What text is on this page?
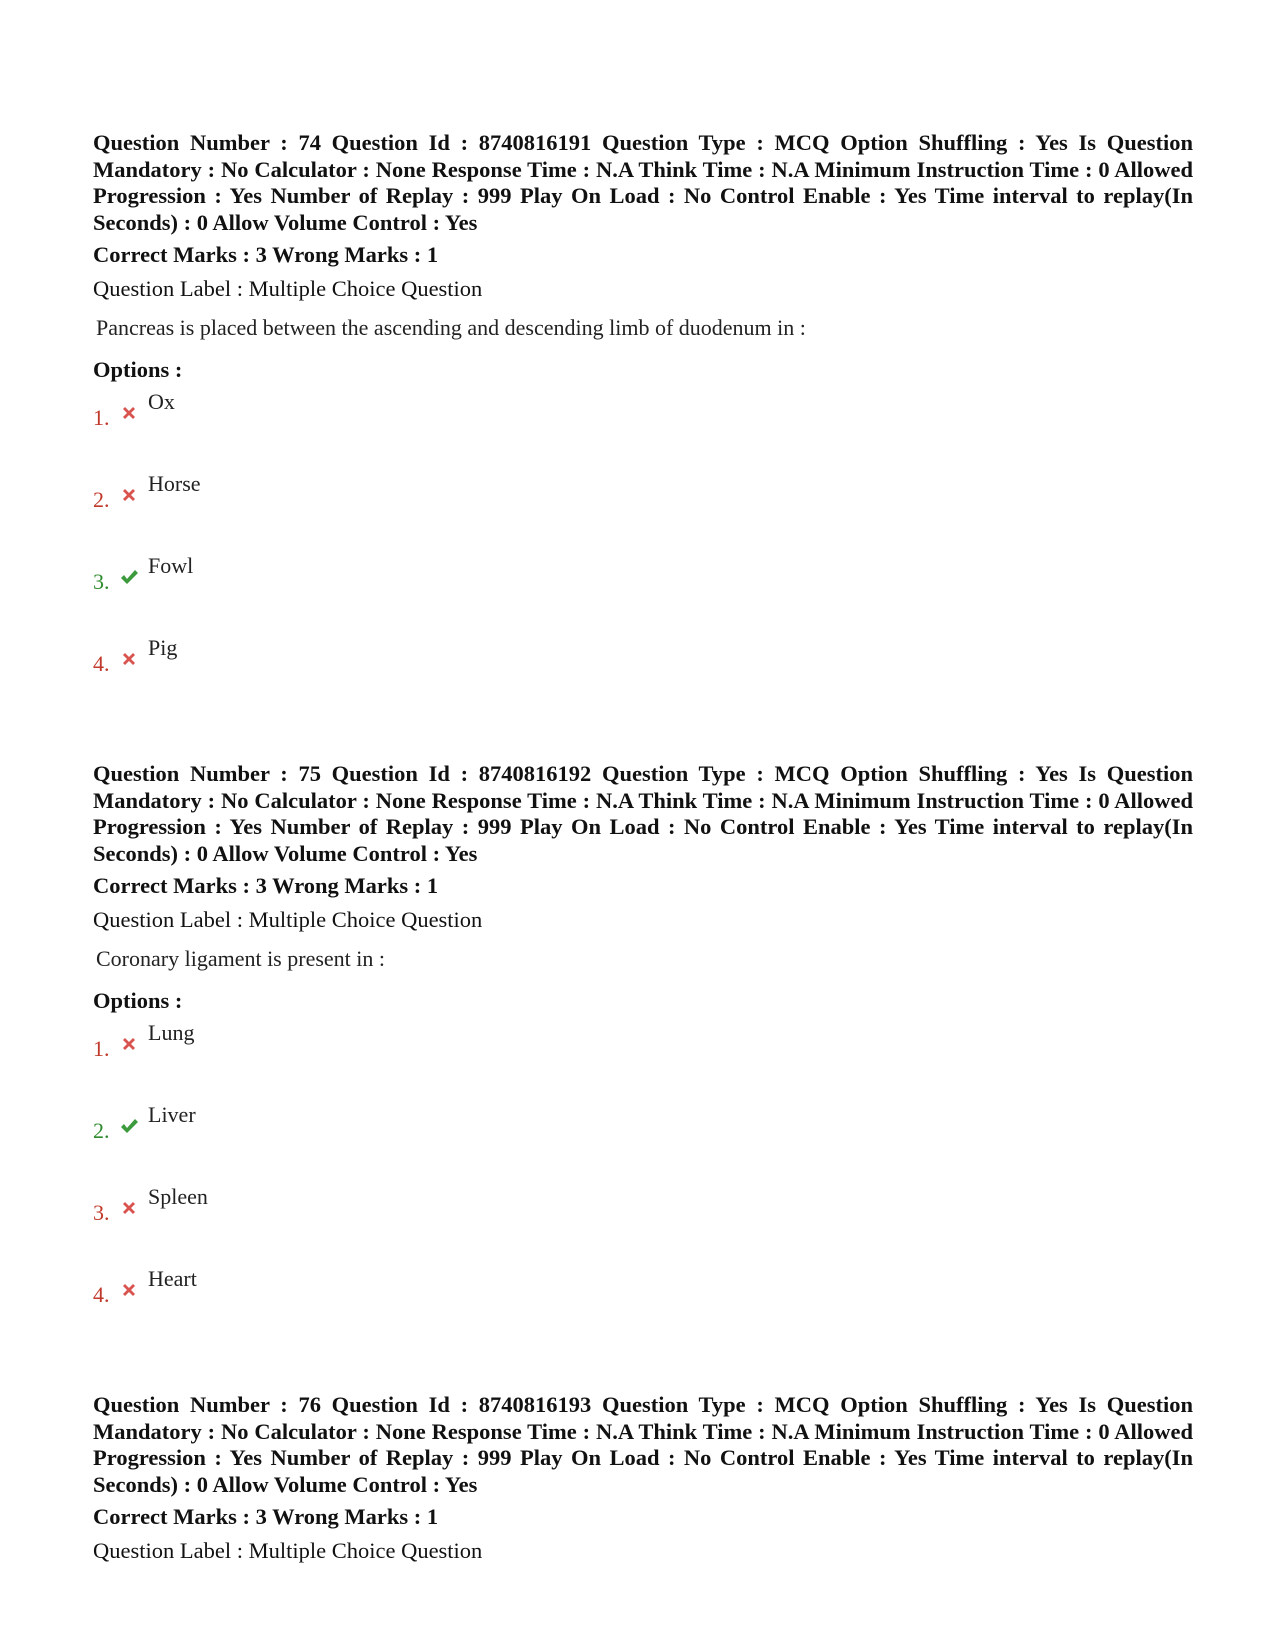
Question Number : 74 Question Id : 8740816191 Question Type : MCQ Option Shuffling : Yes Is Question Mandatory : No Calculator : None Response Time : N.A Think Time : N.A Minimum Instruction Time : 0 Allowed Progression : Yes Number of Replay : 999 Play On Load : No Control Enable : Yes Time interval to replay(In Seconds) : 0 Allow Volume Control : Yes

Correct Marks : 3 Wrong Marks : 1
Question Label : Multiple Choice Question
Pancreas is placed between the ascending and descending limb of duodenum in :
Options :
1.
Ox
2.
Horse
3.
Fowl
4.
Pig

Question Number : 75 Question Id : 8740816192 Question Type : MCQ Option Shuffling : Yes Is Question Mandatory : No Calculator : None Response Time : N.A Think Time : N.A Minimum Instruction Time : 0 Allowed Progression : Yes Number of Replay : 999 Play On Load : No Control Enable : Yes Time interval to replay(In Seconds) : 0 Allow Volume Control : Yes

Correct Marks : 3 Wrong Marks : 1
Question Label : Multiple Choice Question
Coronary ligament is present in :
Options :
1.
Lung
2.
Liver
3.
Spleen
4.
Heart

Question Number : 76 Question Id : 8740816193 Question Type : MCQ Option Shuffling : Yes Is Question Mandatory : No Calculator : None Response Time : N.A Think Time : N.A Minimum Instruction Time : 0 Allowed Progression : Yes Number of Replay : 999 Play On Load : No Control Enable : Yes Time interval to replay(In Seconds) : 0 Allow Volume Control : Yes

Correct Marks : 3 Wrong Marks : 1
Question Label : Multiple Choice Question
